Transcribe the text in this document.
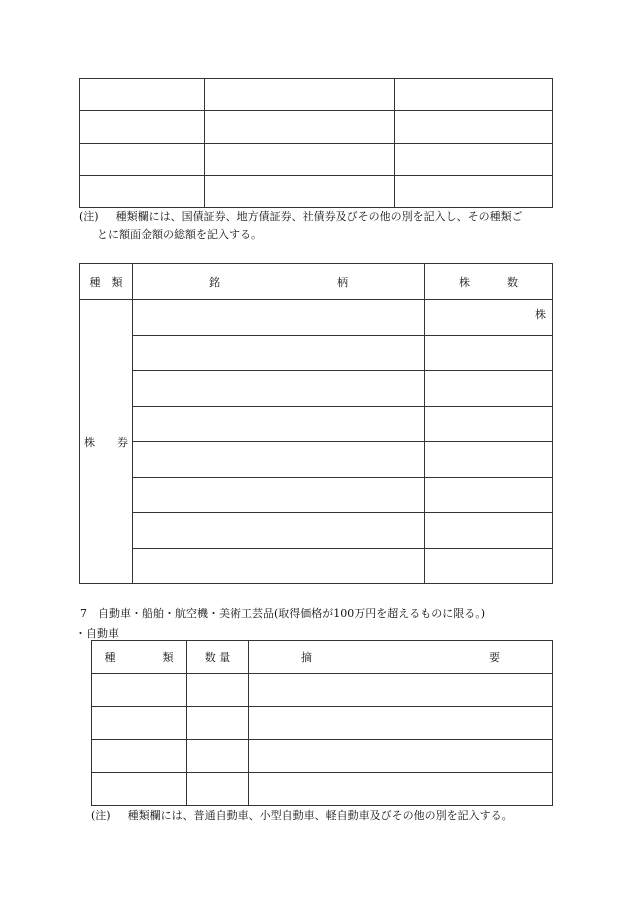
(注) 種類欄には、国債証券、地方債証券、社債券及びその他の別を記入し、その種類ご
とに額面金額の総額を記入する。
種　類	銘 柄	株 数
株　　券		株

7　自動車・船舶・航空機・美術工芸品(取得価格が100万円を超えるものに限る。)
・自動車
種 類	数 量	摘 要

(注) 種類欄には、普通自動車、小型自動車、軽自動車及びその他の別を記入する。
